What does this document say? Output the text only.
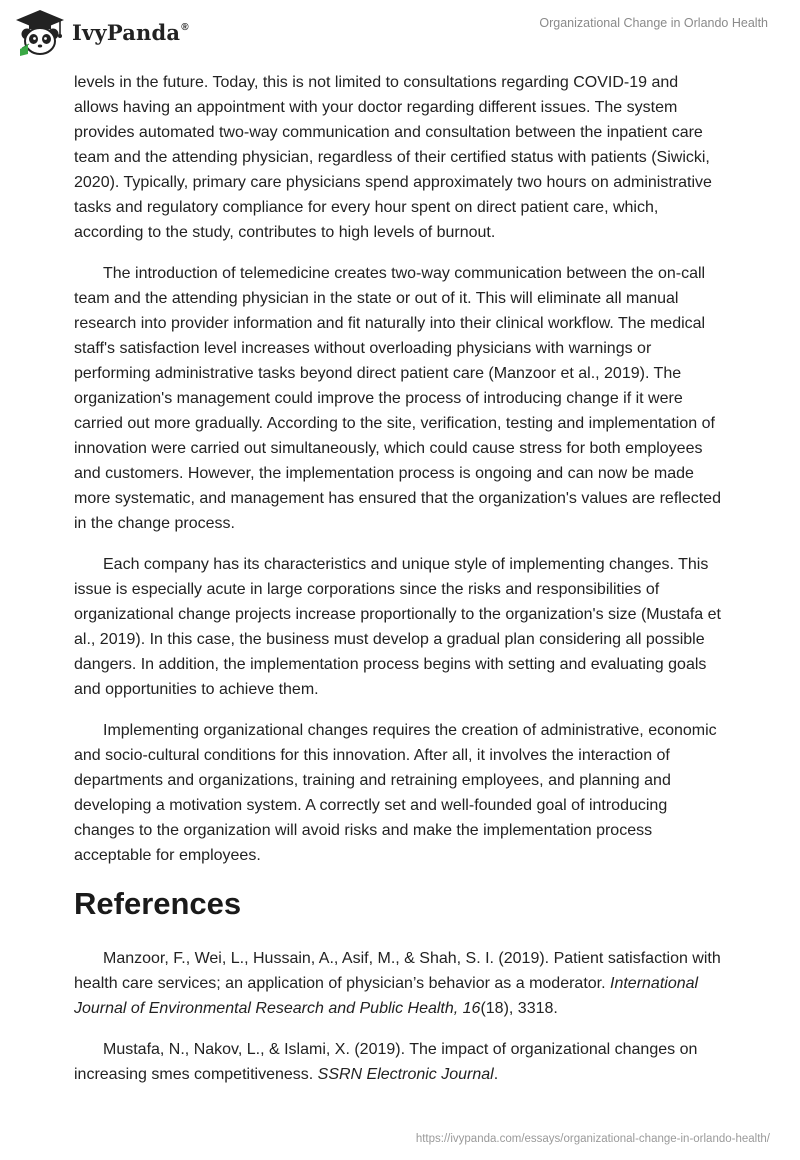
IvyPanda®	Organizational Change in Orlando Health

levels in the future. Today, this is not limited to consultations regarding COVID-19 and allows having an appointment with your doctor regarding different issues. The system provides automated two-way communication and consultation between the inpatient care team and the attending physician, regardless of their certified status with patients (Siwicki, 2020). Typically, primary care physicians spend approximately two hours on administrative tasks and regulatory compliance for every hour spent on direct patient care, which, according to the study, contributes to high levels of burnout.

The introduction of telemedicine creates two-way communication between the on-call team and the attending physician in the state or out of it. This will eliminate all manual research into provider information and fit naturally into their clinical workflow. The medical staff's satisfaction level increases without overloading physicians with warnings or performing administrative tasks beyond direct patient care (Manzoor et al., 2019). The organization's management could improve the process of introducing change if it were carried out more gradually. According to the site, verification, testing and implementation of innovation were carried out simultaneously, which could cause stress for both employees and customers. However, the implementation process is ongoing and can now be made more systematic, and management has ensured that the organization's values are reflected in the change process.

Each company has its characteristics and unique style of implementing changes. This issue is especially acute in large corporations since the risks and responsibilities of organizational change projects increase proportionally to the organization's size (Mustafa et al., 2019). In this case, the business must develop a gradual plan considering all possible dangers. In addition, the implementation process begins with setting and evaluating goals and opportunities to achieve them.

Implementing organizational changes requires the creation of administrative, economic and socio-cultural conditions for this innovation. After all, it involves the interaction of departments and organizations, training and retraining employees, and planning and developing a motivation system. A correctly set and well-founded goal of introducing changes to the organization will avoid risks and make the implementation process acceptable for employees.

References

Manzoor, F., Wei, L., Hussain, A., Asif, M., & Shah, S. I. (2019). Patient satisfaction with health care services; an application of physician’s behavior as a moderator. International Journal of Environmental Research and Public Health, 16(18), 3318.

Mustafa, N., Nakov, L., & Islami, X. (2019). The impact of organizational changes on increasing smes competitiveness. SSRN Electronic Journal.

https://ivypanda.com/essays/organizational-change-in-orlando-health/
